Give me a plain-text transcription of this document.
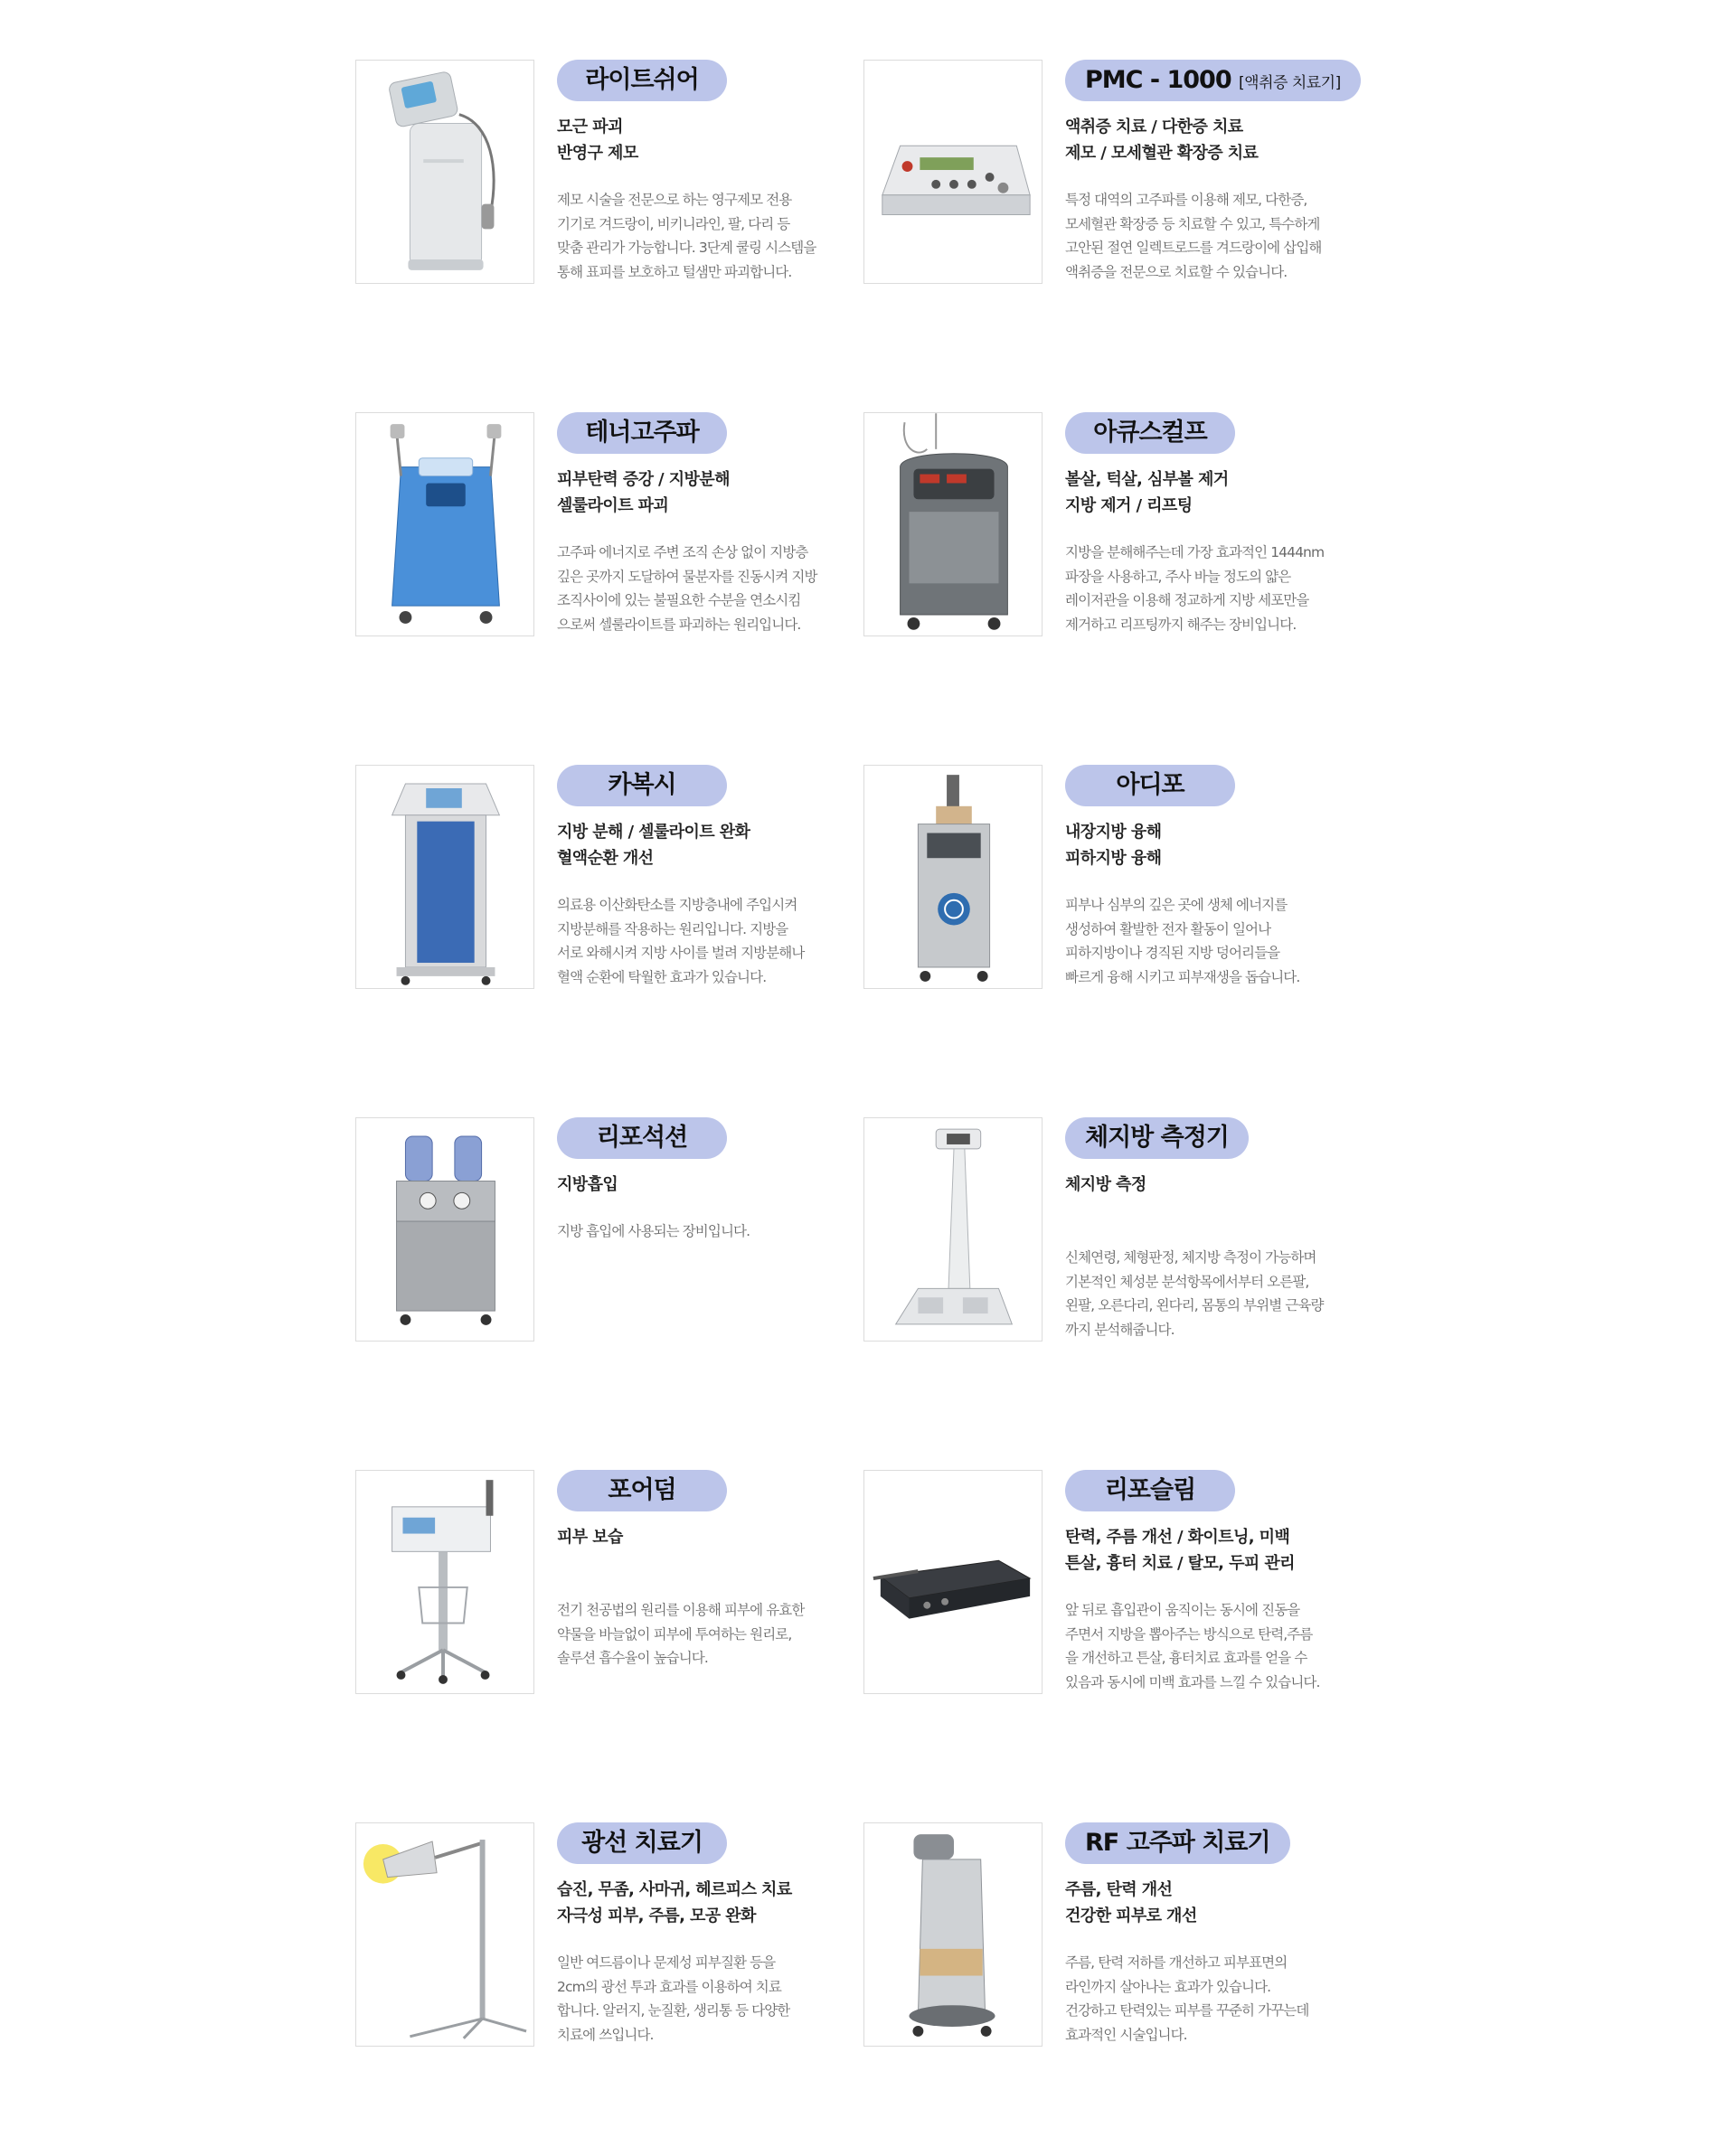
라이트쉬어
모근 파괴
반영구 제모
제모 시술을 전문으로 하는 영구제모 전용
기기로 겨드랑이, 비키니라인, 팔, 다리 등
맞춤 관리가 가능합니다. 3단계 쿨링 시스템을
통해 표피를 보호하고 털샘만 파괴합니다.
PMC - 1000 [액취증 치료기]
액취증 치료 / 다한증 치료
제모 / 모세혈관 확장증 치료
특정 대역의 고주파를 이용해 제모, 다한증,
모세혈관 확장증 등 치료할 수 있고, 특수하게
고안된 절연 일렉트로드를 겨드랑이에 삽입해
액취증을 전문으로 치료할 수 있습니다.
테너고주파
피부탄력 증강 / 지방분해
셀룰라이트 파괴
고주파 에너지로 주변 조직 손상 없이 지방층
깊은 곳까지 도달하여 물분자를 진동시켜 지방
조직사이에 있는 불필요한 수분을 연소시킴
으로써 셀룰라이트를 파괴하는 원리입니다.
아큐스컬프
볼살, 턱살, 심부볼 제거
지방 제거 / 리프팅
지방을 분해해주는데 가장 효과적인 1444nm
파장을 사용하고, 주사 바늘 정도의 얇은
레이저관을 이용해 정교하게 지방 세포만을
제거하고 리프팅까지 해주는 장비입니다.
카복시
지방 분해 / 셀룰라이트 완화
혈액순환 개선
의료용 이산화탄소를 지방층내에 주입시켜
지방분해를 작용하는 원리입니다. 지방을
서로 와해시켜 지방 사이를 벌려 지방분해나
혈액 순환에 탁월한 효과가 있습니다.
아디포
내장지방 융해
피하지방 융해
피부나 심부의 깊은 곳에 생체 에너지를
생성하여 활발한 전자 활동이 일어나
피하지방이나 경직된 지방 덩어리들을
빠르게 융해 시키고 피부재생을 돕습니다.
리포석션
지방흡입
지방 흡입에 사용되는 장비입니다.
체지방 측정기
체지방 측정
신체연령, 체형판정, 체지방 측정이 가능하며
기본적인 체성분 분석항목에서부터 오른팔,
왼팔, 오른다리, 왼다리, 몸통의 부위별 근육량
까지 분석해줍니다.
포어덤
피부 보습
전기 천공법의 원리를 이용해 피부에 유효한
약물을 바늘없이 피부에 투여하는 원리로,
솔루션 흡수율이 높습니다.
리포슬림
탄력, 주름 개선 / 화이트닝, 미백
튼살, 흉터 치료 / 탈모, 두피 관리
앞 뒤로 흡입관이 움직이는 동시에 진동을
주면서 지방을 뽑아주는 방식으로 탄력,주름
을 개선하고 튼살, 흉터치료 효과를 얻을 수
있음과 동시에 미백 효과를 느낄 수 있습니다.
광선 치료기
습진, 무좀, 사마귀, 헤르피스 치료
자극성 피부, 주름, 모공 완화
일반 여드름이나 문제성 피부질환 등을
2cm의 광선 투과 효과를 이용하여 치료
합니다. 알러지, 눈질환, 생리통 등 다양한
치료에 쓰입니다.
RF 고주파 치료기
주름, 탄력 개선
건강한 피부로 개선
주름, 탄력 저하를 개선하고 피부표면의
라인까지 살아나는 효과가 있습니다.
건강하고 탄력있는 피부를 꾸준히 가꾸는데
효과적인 시술입니다.
